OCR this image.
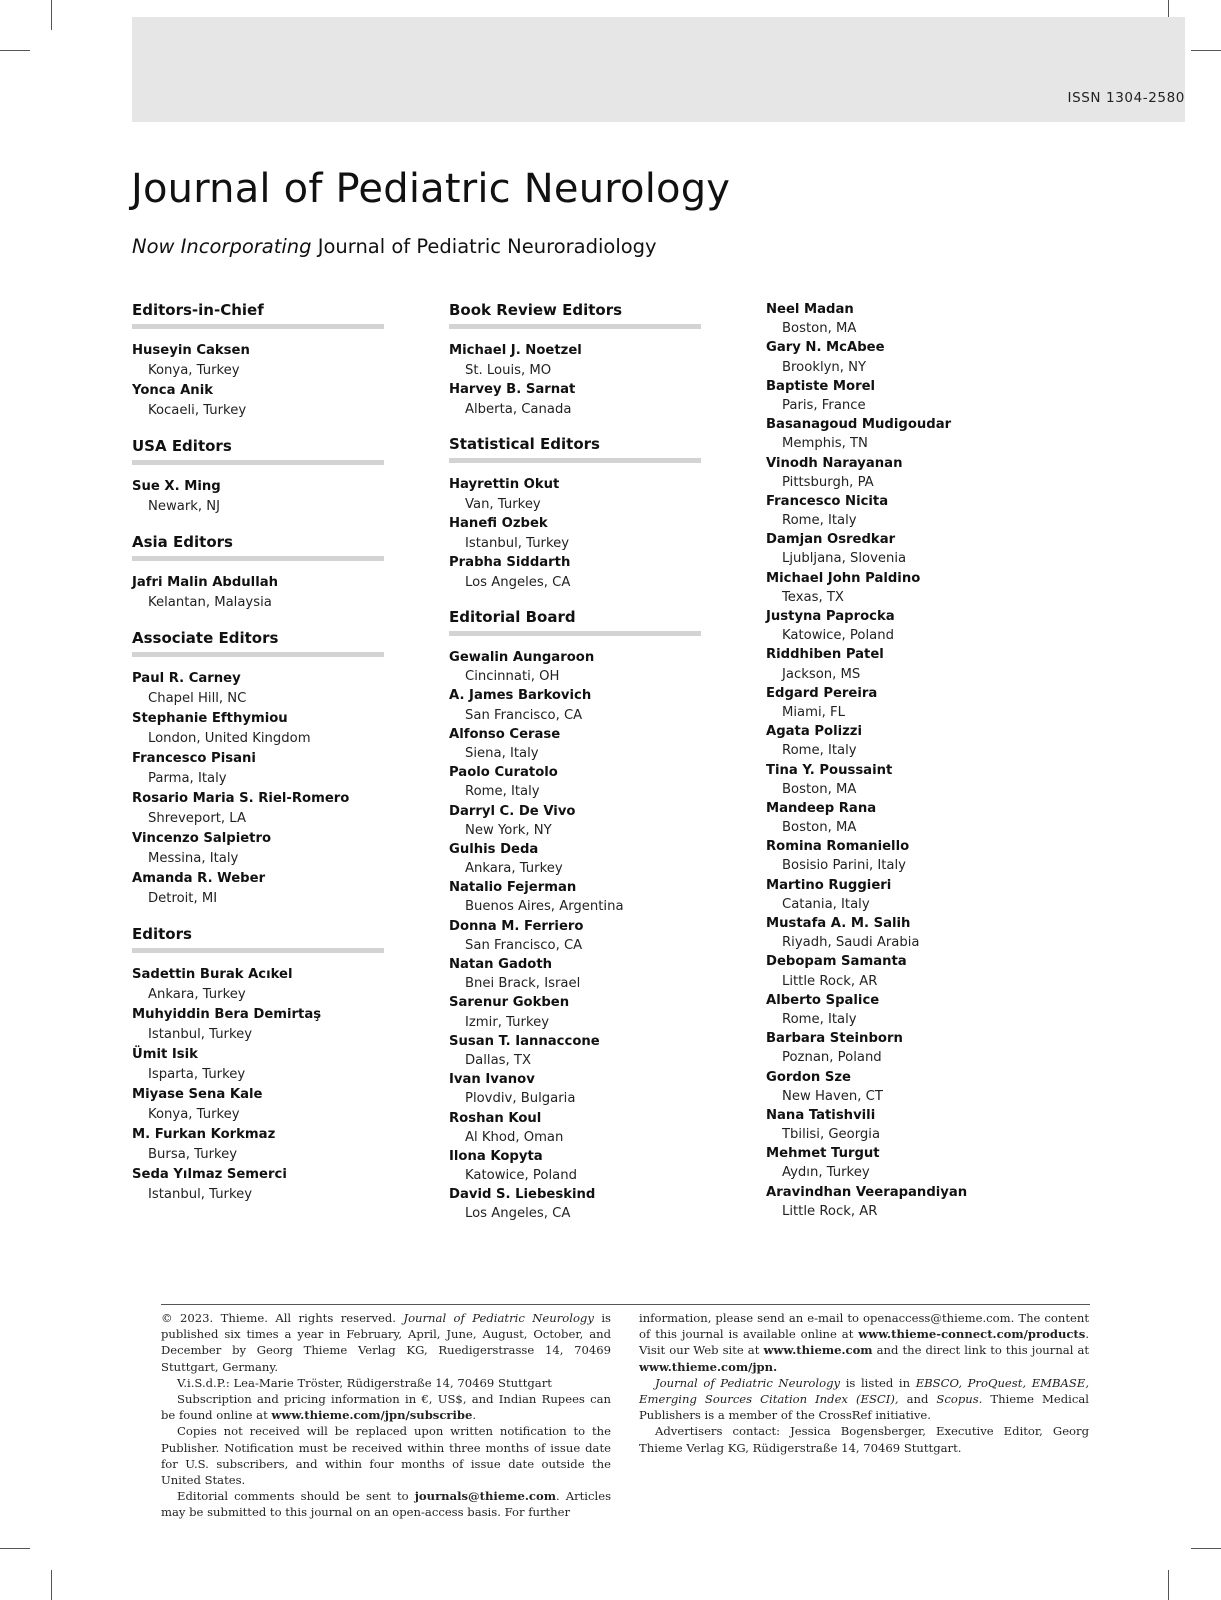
ISSN 1304-2580
Journal of Pediatric Neurology

Now Incorporating Journal of Pediatric Neuroradiology

Editors-in-Chief
Huseyin Caksen
Konya, Turkey
Yonca Anik
Kocaeli, Turkey
USA Editors
Sue X. Ming
Newark, NJ
Asia Editors
Jafri Malin Abdullah
Kelantan, Malaysia
Associate Editors
Paul R. Carney
Chapel Hill, NC
Stephanie Efthymiou
London, United Kingdom
Francesco Pisani
Parma, Italy
Rosario Maria S. Riel-Romero
Shreveport, LA
Vincenzo Salpietro
Messina, Italy
Amanda R. Weber
Detroit, MI
Editors
Sadettin Burak Acıkel
Ankara, Turkey
Muhyiddin Bera Demirtaş
Istanbul, Turkey
Ümit Isik
Isparta, Turkey
Miyase Sena Kale
Konya, Turkey
M. Furkan Korkmaz
Bursa, Turkey
Seda Yılmaz Semerci
Istanbul, Turkey
Book Review Editors
Michael J. Noetzel
St. Louis, MO
Harvey B. Sarnat
Alberta, Canada
Statistical Editors
Hayrettin Okut
Van, Turkey
Hanefi Ozbek
Istanbul, Turkey
Prabha Siddarth
Los Angeles, CA
Editorial Board
Gewalin Aungaroon
Cincinnati, OH
A. James Barkovich
San Francisco, CA
Alfonso Cerase
Siena, Italy
Paolo Curatolo
Rome, Italy
Darryl C. De Vivo
New York, NY
Gulhis Deda
Ankara, Turkey
Natalio Fejerman
Buenos Aires, Argentina
Donna M. Ferriero
San Francisco, CA
Natan Gadoth
Bnei Brack, Israel
Sarenur Gokben
Izmir, Turkey
Susan T. Iannaccone
Dallas, TX
Ivan Ivanov
Plovdiv, Bulgaria
Roshan Koul
Al Khod, Oman
Ilona Kopyta
Katowice, Poland
David S. Liebeskind
Los Angeles, CA
Neel Madan
Boston, MA
Gary N. McAbee
Brooklyn, NY
Baptiste Morel
Paris, France
Basanagoud Mudigoudar
Memphis, TN
Vinodh Narayanan
Pittsburgh, PA
Francesco Nicita
Rome, Italy
Damjan Osredkar
Ljubljana, Slovenia
Michael John Paldino
Texas, TX
Justyna Paprocka
Katowice, Poland
Riddhiben Patel
Jackson, MS
Edgard Pereira
Miami, FL
Agata Polizzi
Rome, Italy
Tina Y. Poussaint
Boston, MA
Mandeep Rana
Boston, MA
Romina Romaniello
Bosisio Parini, Italy
Martino Ruggieri
Catania, Italy
Mustafa A. M. Salih
Riyadh, Saudi Arabia
Debopam Samanta
Little Rock, AR
Alberto Spalice
Rome, Italy
Barbara Steinborn
Poznan, Poland
Gordon Sze
New Haven, CT
Nana Tatishvili
Tbilisi, Georgia
Mehmet Turgut
Aydın, Turkey
Aravindhan Veerapandiyan
Little Rock, AR

© 2023. Thieme. All rights reserved. Journal of Pediatric Neurology is published six times a year in February, April, June, August, October, and December by Georg Thieme Verlag KG, Ruedigerstrasse 14, 70469 Stuttgart, Germany.

V.i.S.d.P.: Lea-Marie Tröster, Rüdigerstraße 14, 70469 Stuttgart

Subscription and pricing information in €, US$, and Indian Rupees can be found online at www.thieme.com/jpn/subscribe.

Copies not received will be replaced upon written notification to the Publisher. Notification must be received within three months of issue date for U.S. subscribers, and within four months of issue date outside the United States.

Editorial comments should be sent to journals@thieme.com. Articles may be submitted to this journal on an open-access basis. For further

information, please send an e-mail to openaccess@thieme.com. The content of this journal is available online at www.thieme-connect.com/products. Visit our Web site at www.thieme.com and the direct link to this journal at www.thieme.com/jpn.

Journal of Pediatric Neurology is listed in EBSCO, ProQuest, EMBASE, Emerging Sources Citation Index (ESCI), and Scopus. Thieme Medical Publishers is a member of the CrossRef initiative.

Advertisers contact: Jessica Bogensberger, Executive Editor, Georg Thieme Verlag KG, Rüdigerstraße 14, 70469 Stuttgart.
